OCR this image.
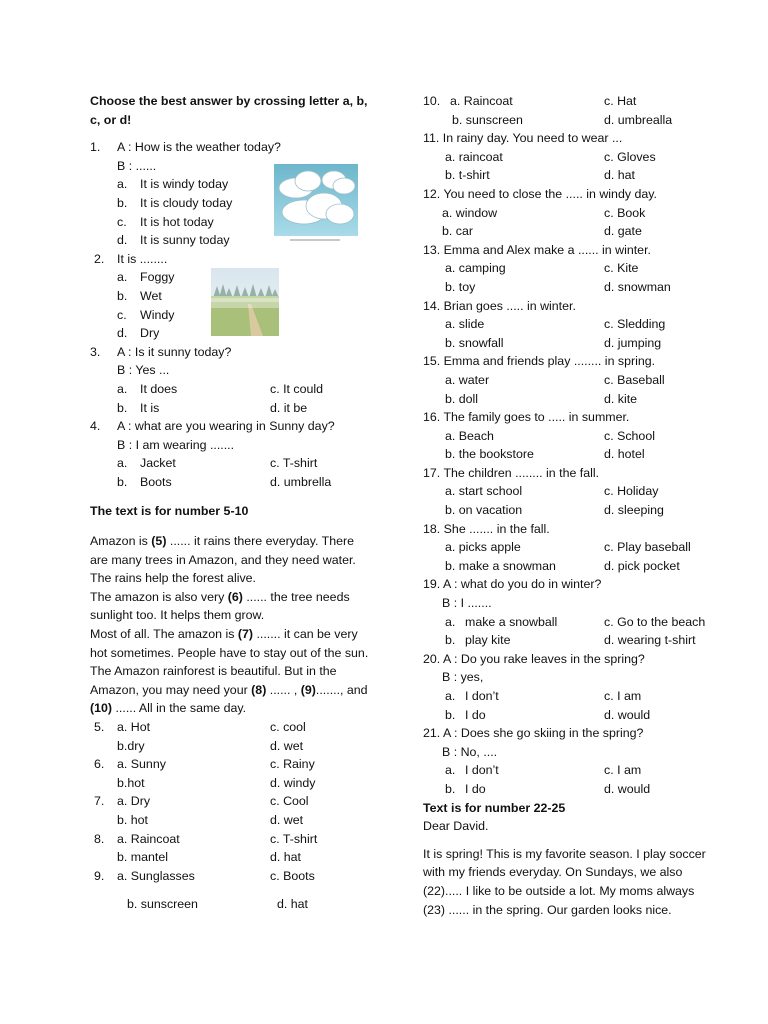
Choose the best answer by crossing letter a, b, c, or d!
1. A : How is the weather today?
B : ......
a. It is windy today
b. It is cloudy today
c. It is hot today
d. It is sunny today
2. It is ........
a. Foggy
b. Wet
c. Windy
d. Dry
3. A : Is it sunny today?
B : Yes ...
a. It does	c. It could
b. It is	d. it be
4. A : what are you wearing in Sunny day?
B : I am wearing .......
a. Jacket	c. T-shirt
b. Boots	d. umbrella
The text is for number 5-10

Amazon is (5) ...... it rains there everyday. There

are many trees in Amazon, and they need water.

The rains help the forest alive.

The amazon is also very (6) ...... the tree needs

sunlight too. It helps them grow.

Most of all. The amazon is (7) ....... it can be very

hot sometimes. People have to stay out of the sun.

The Amazon rainforest is beautiful. But in the

Amazon, you may need your (8) ...... , (9)......., and

(10) ...... All in the same day.

5. a. Hot	c. cool
b.dry	d. wet
6. a. Sunny	c. Rainy
b.hot	d. windy
7. a. Dry	c. Cool
b. hot	d. wet
8. a. Raincoat	c. T-shirt
b. mantel	d. hat
9. a. Sunglasses	c. Boots
b. sunscreen	d. hat
10. a. Raincoat	c. Hat
b. sunscreen	d. umbrealla
11. In rainy day. You need to wear ...
a. raincoat	c. Gloves
b. t-shirt	d. hat
12. You need to close the ..... in windy day.
a. window	c. Book
b. car	d. gate
13. Emma and Alex make a ...... in winter.
a. camping	c. Kite
b. toy	d. snowman
14. Brian goes ..... in winter.
a. slide	c. Sledding
b. snowfall	d. jumping
15. Emma and friends play ........ in spring.
a. water	c. Baseball
b. doll	d. kite
16. The family goes to ..... in summer.
a. Beach	c. School
b. the bookstore	d. hotel
17. The children ........ in the fall.
a. start school	c. Holiday
b. on vacation	d. sleeping
18. She ....... in the fall.
a. picks apple	c. Play baseball
b. make a snowman	d. pick pocket
19. A : what do you do in winter?
B : I .......
a. make a snowball	c. Go to the beach
b. play kite	d. wearing t-shirt
20. A : Do you rake leaves in the spring?
B : yes,
a. I don’t	c. I am
b. I do	d. would
21. A : Does she go skiing in the spring?
B : No, ....
a. I don’t	c. I am
b. I do	d. would
Text is for number 22-25
Dear David.

It is spring! This is my favorite season. I play soccer

with my friends everyday. On Sundays, we also

(22)..... I like to be outside a lot. My moms always

(23) ...... in the spring. Our garden looks nice.
